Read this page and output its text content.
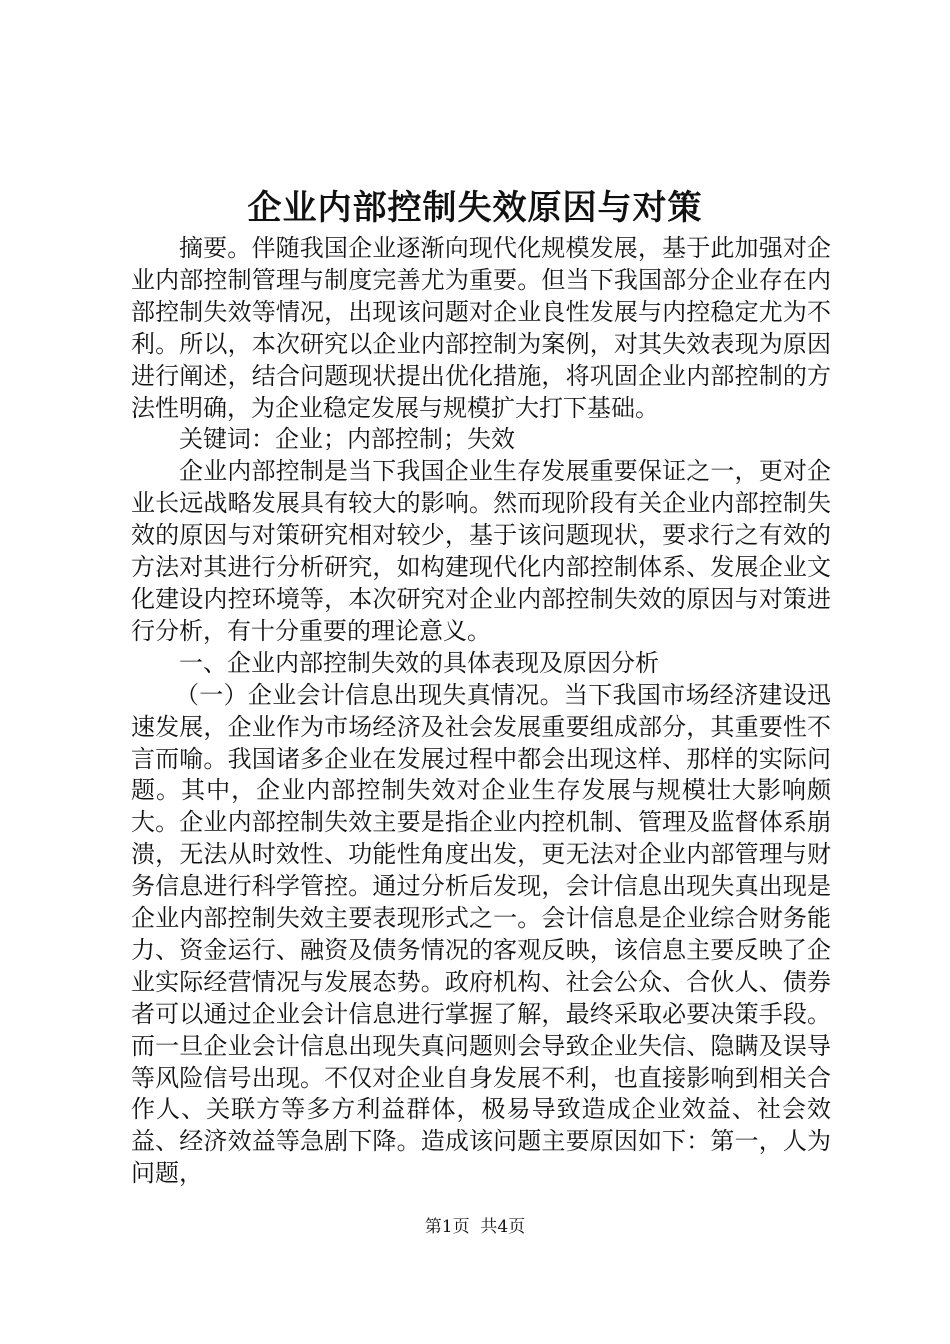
企业内部控制失效原因与对策

摘要。伴随我国企业逐渐向现代化规模发展，基于此加强对企业内部控制管理与制度完善尤为重要。但当下我国部分企业存在内部控制失效等情况，出现该问题对企业良性发展与内控稳定尤为不利。所以，本次研究以企业内部控制为案例，对其失效表现为原因进行阐述，结合问题现状提出优化措施，将巩固企业内部控制的方法性明确，为企业稳定发展与规模扩大打下基础。

关键词：企业；内部控制；失效

企业内部控制是当下我国企业生存发展重要保证之一，更对企业长远战略发展具有较大的影响。然而现阶段有关企业内部控制失效的原因与对策研究相对较少，基于该问题现状，要求行之有效的方法对其进行分析研究，如构建现代化内部控制体系、发展企业文化建设内控环境等，本次研究对企业内部控制失效的原因与对策进行分析，有十分重要的理论意义。

一、企业内部控制失效的具体表现及原因分析

（一）企业会计信息出现失真情况。当下我国市场经济建设迅速发展，企业作为市场经济及社会发展重要组成部分，其重要性不言而喻。我国诸多企业在发展过程中都会出现这样、那样的实际问题。其中，企业内部控制失效对企业生存发展与规模壮大影响颇大。企业内部控制失效主要是指企业内控机制、管理及监督体系崩溃，无法从时效性、功能性角度出发，更无法对企业内部管理与财务信息进行科学管控。通过分析后发现，会计信息出现失真出现是企业内部控制失效主要表现形式之一。会计信息是企业综合财务能力、资金运行、融资及债务情况的客观反映，该信息主要反映了企业实际经营情况与发展态势。政府机构、社会公众、合伙人、债券者可以通过企业会计信息进行掌握了解，最终采取必要决策手段。而一旦企业会计信息出现失真问题则会导致企业失信、隐瞒及误导等风险信号出现。不仅对企业自身发展不利，也直接影响到相关合作人、关联方等多方利益群体，极易导致造成企业效益、社会效益、经济效益等急剧下降。造成该问题主要原因如下：第一，人为问题，

第1页 共4页
